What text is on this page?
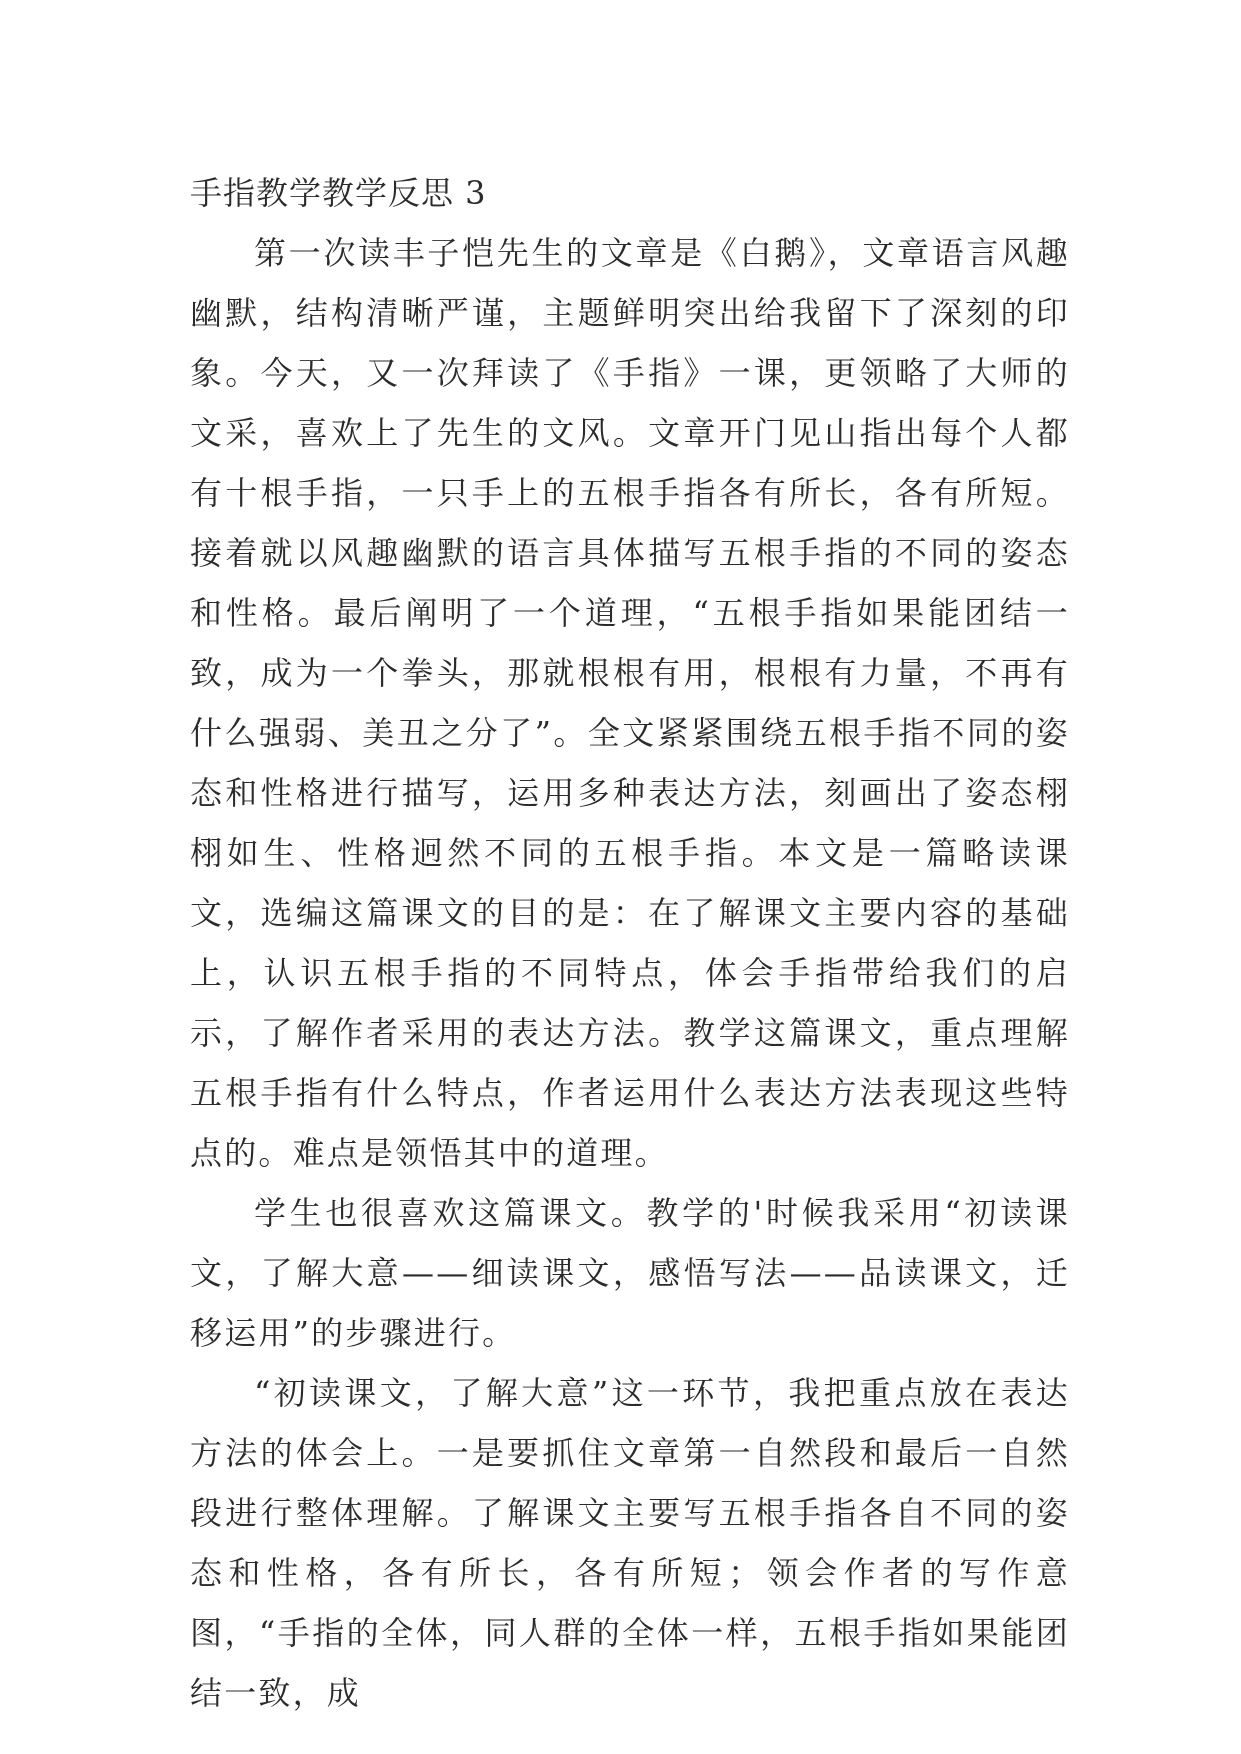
手指教学教学反思 3

第一次读丰子恺先生的文章是《白鹅》，文章语言风趣幽默，结构清晰严谨，主题鲜明突出给我留下了深刻的印象。今天，又一次拜读了《手指》一课，更领略了大师的文采，喜欢上了先生的文风。文章开门见山指出每个人都有十根手指，一只手上的五根手指各有所长，各有所短。接着就以风趣幽默的语言具体描写五根手指的不同的姿态和性格。最后阐明了一个道理，“五根手指如果能团结一致，成为一个拳头，那就根根有用，根根有力量，不再有什么强弱、美丑之分了”。全文紧紧围绕五根手指不同的姿态和性格进行描写，运用多种表达方法，刻画出了姿态栩栩如生、性格迥然不同的五根手指。本文是一篇略读课文，选编这篇课文的目的是：在了解课文主要内容的基础上，认识五根手指的不同特点，体会手指带给我们的启示，了解作者采用的表达方法。教学这篇课文，重点理解五根手指有什么特点，作者运用什么表达方法表现这些特点的。难点是领悟其中的道理。

学生也很喜欢这篇课文。教学的'时候我采用“初读课文，了解大意——细读课文，感悟写法——品读课文，迁移运用”的步骤进行。

“初读课文，了解大意”这一环节，我把重点放在表达方法的体会上。一是要抓住文章第一自然段和最后一自然段进行整体理解。了解课文主要写五根手指各自不同的姿态和性格，各有所长，各有所短；领会作者的写作意图，“手指的全体，同人群的全体一样，五根手指如果能团结一致，成
